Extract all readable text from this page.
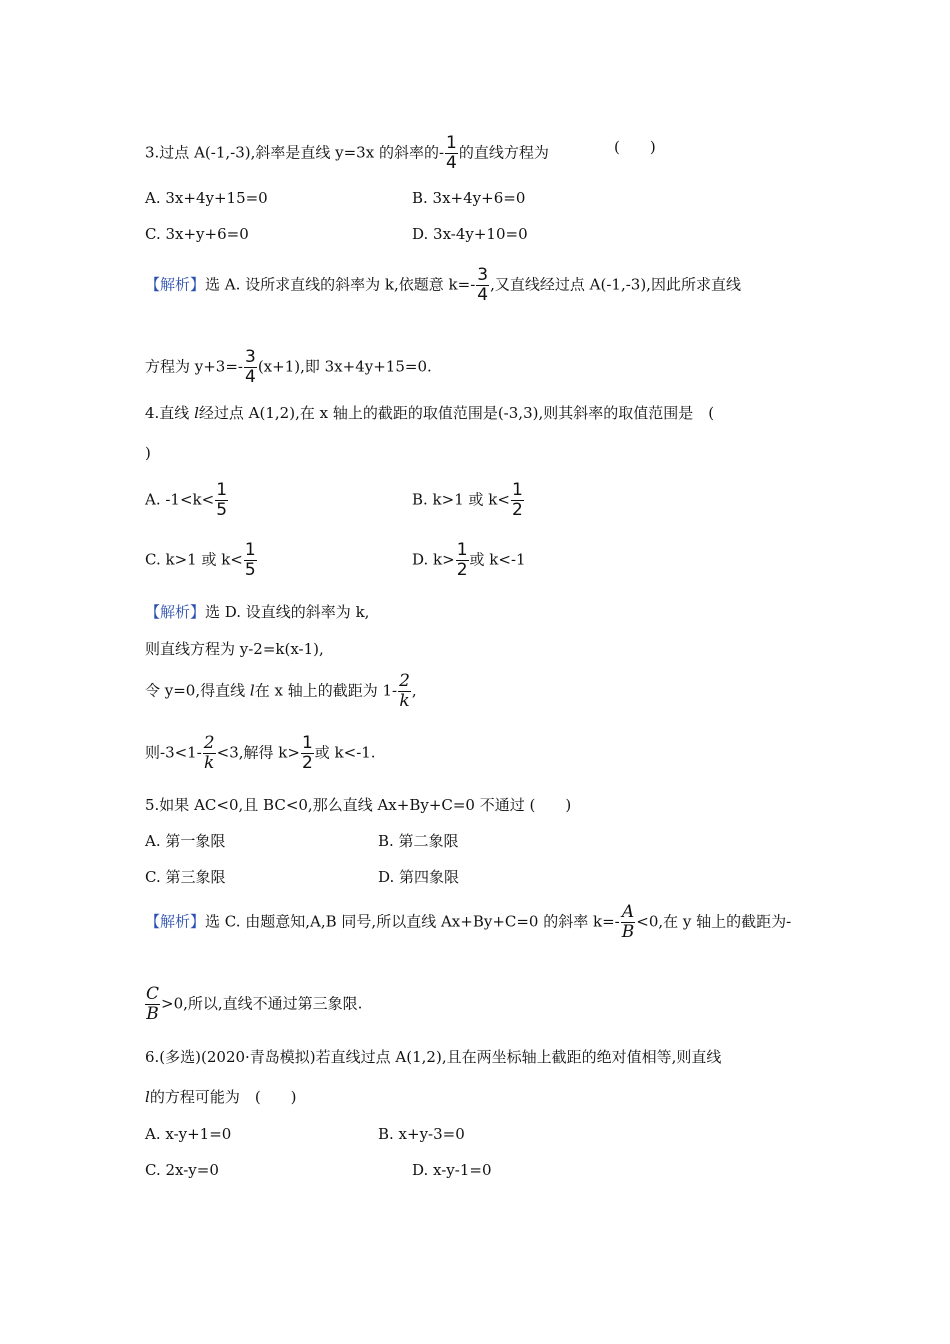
3.过点 A(-1,-3),斜率是直线 y=3x 的斜率的- $\frac{1}{4}$ 的直线方程为	(　　)
A. 3x+4y+15=0	B. 3x+4y+6=0
C. 3x+y+6=0	D. 3x-4y+10=0
【解析】选 A. 设所求直线的斜率为 k,依题意 $k=- \frac{3}{4}$ ,又直线经过点 A(-1,-3),因此所求直线
方程为 $y+3=- \frac{3}{4} (x+1)$,即 3x+4y+15=0.
4.直线 l经过点 A(1,2),在 x 轴上的截距的取值范围是(-3,3),则其斜率的取值范围是　(
)
A. $-1<k< \frac{1}{5}$	B. k>1 或 $k< \frac{1}{2}$
C. k>1 或 $k< \frac{1}{5}$	D. $k> \frac{1}{2}$ 或 k<-1
【解析】选 D. 设直线的斜率为 k,
则直线方程为 y-2=k(x-1),
令 y=0,得直线 l在 x 轴上的截距为 $1- \frac{2}{k}$ ,
则$-3<1- \frac{2}{k} <3$,解得 $k> \frac{1}{2}$ 或 k<-1.
5.如果 AC<0,且 BC<0,那么直线 Ax+By+C=0 不通过 (　　)
A. 第一象限	B. 第二象限
C. 第三象限	D. 第四象限
【解析】选 C. 由题意知,A,B 同号,所以直线 Ax+By+C=0 的斜率 $k=- \frac{A}{B} <0$,在 y 轴上的截距为-
$\frac{C}{B} >0$,所以,直线不通过第三象限.
6.(多选)(2020·青岛模拟)若直线过点 A(1,2),且在两坐标轴上截距的绝对值相等,则直线
l的方程可能为　(　　)
A. x-y+1=0	B. x+y-3=0
C. 2x-y=0	D. x-y-1=0
